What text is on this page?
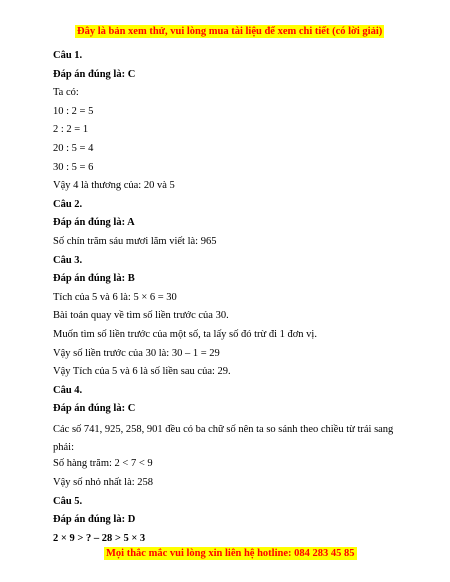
Đây là bản xem thử, vui lòng mua tài liệu để xem chi tiết (có lời giải)
Câu 1.
Đáp án đúng là: C
Ta có:
10 : 2 = 5
2 : 2 = 1
20 : 5 = 4
30 : 5 = 6
Vậy 4 là thương của: 20 và 5
Câu 2.
Đáp án đúng là: A
Số chín trăm sáu mươi lăm viết là: 965
Câu 3.
Đáp án đúng là: B
Tích của 5 và 6 là: 5 × 6 = 30
Bài toán quay về tìm số liền trước của 30.
Muốn tìm số liền trước của một số, ta lấy số đó trừ đi 1 đơn vị.
Vậy số liền trước của 30 là: 30 – 1 = 29
Vậy Tích của 5 và 6 là số liền sau của: 29.
Câu 4.
Đáp án đúng là: C
Các số 741, 925, 258, 901 đều có ba chữ số nên ta so sánh theo chiều từ trái sang phải:
Số hàng trăm: 2 < 7 < 9
Vậy số nhỏ nhất là: 258
Câu 5.
Đáp án đúng là: D
2 × 9 > ? – 28 > 5 × 3
Mọi thắc mắc vui lòng xin liên hệ hotline: 084 283 45 85
